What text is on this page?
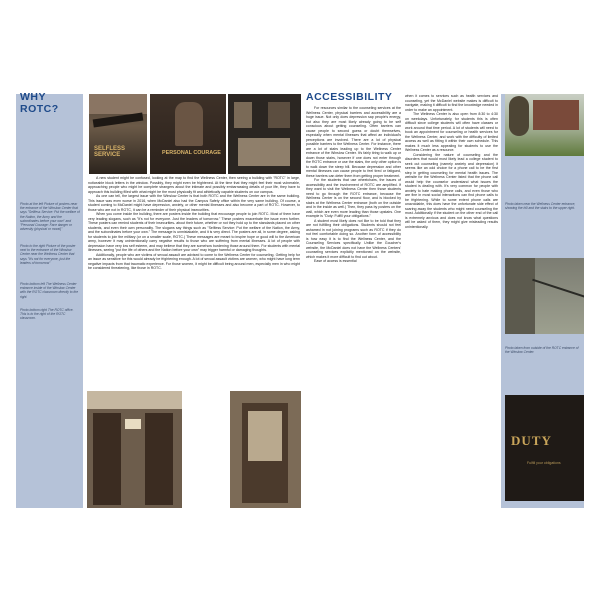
WHY ROTC?
Photo at the left Picture of posters near the entrance of the Winslow Center that says "Selfless Service: Put the welfare of the Nation, the Army and the subordinates before your own" and "Personal Courage: Face danger or adversity (physical or moral)"
Photo to the right Picture of the poster next to the entrance of the Winslow Center near the Wellness Center that says "It's not for everyone, just the leaders of tomorrow"
Photo bottom left The Wellness Center entrance inside of the Winslow Center with the ROTC classroom directly to the right.
Photo bottom right The ROTC office. This is to the right of the ROTC classroom.
Photo taken near the Wellness Center entrance, showing the hill and the stairs to the upper right.
Photo taken from outside of the ROTC entrance of the Winslow Center.
SELFLESS SERVICE	PERSONAL COURAGE
DUTY
Fulfill your obligations

A new student might be confused, looking at the map to find the Wellness Center, then seeing a building with "ROTC" in large, noticeable block letters in the window. Possibly, they might even be frightened. At the time that they might feel their most vulnerable, approaching people who might be complete strangers about the intimate and possibly embarrassing details of your life, they have to approach this building filled with what might be the most physically fit and athletically capable students on our campus.

As one can tell, the largest issue with the Winslow Center is that both ROTC and the Wellness Center are in the same building. This issue was even worse in 2016, when McDaniel also had the Campus Safety office within the very same building. Of course, a student coming to McDaniel might have depression, anxiety, or other mental illnesses and also become a part of ROTC. However, to those who are not in ROTC, it can be a reminder of their physical insecurities.

When you come inside the building, there are posters inside the building that encourage people to join ROTC. Most of them have very leading slogans, such as "It's not for everyone. Just the leaders of tomorrow." These posters exacerbate the issue even further. These posters can remind students of their insecurities- about their future, whether or not they hold up to the standards placed on other students, and even their own personality. The slogans say things such as "Selfless Service: Put the welfare of the Nation, the Army, and the subordinates before your own." The message is unmistakable, and it is very direct. The posters are all, in some degree, asking for students to join the military (or on a smaller scale, ROTC.) These messages are meant to inspire hope or good will to the American army, however it may unintentionally carry negative results to those who are suffering from mental illnesses. A lot of people with depression have very low self esteem, and may believe that they are somehow burdening those around them. For students with mental illnesses, seeing "put the life of others and the Nation before your own" may trigger harmful or damaging thoughts.

Additionally, people who are victims of sexual assault are advised to come to the Wellness Center for counseling. Getting help for an issue as sensitive for this would already be frightening enough. A lot of sexual assault victims are women, who might have long term negative impacts from that traumatic experience. For those women, it might be difficult being around men, especially men in who might be considered threatening, like those in ROTC.

ACCESSIBILITY

For resources similar to the counseling services at the Wellness Center, physical barriers and accessibility are a huge issue. Not only does depression sap people's energy, but also they are most likely already going to be self conscious about getting counseling. Often barriers can cause people to second guess or doubt themselves, especially when mental illnesses that affect an individual's perceptions are involved. There are a lot of physical possible barriers to the Wellness Center. For instance, there are a lot of stairs leading up to the Wellness Center entrance of the Winslow Center. It's fairly tiring to walk up or down those stairs, however if one does not enter through the ROTC entrance or use the stairs, the only other option is to walk down the steep hill. Because depression and other mental illnesses can cause people to feel tired or fatigued, these barriers can deter them from getting proper treatment.

For the students that use wheelchairs, the issues of accessibility and the involvement of ROTC are amplified. If they want to visit the Wellness Center then those students need to go through the ROTC entrance, because the Wellness Center is on the second floor, and is blocked by stairs at the Wellness Center entrance (both on the outside and in the inside as well.) Then, they pass by posters on the wall, which are even more leading than those upstairs. One example is "Duty: Fulfill your obligations."

A student most likely does not like to be told that they are not fulfilling their obligations. Students should not feel ashamed in not joining programs such as ROTC if they do not feel comfortable doing so. Another form of accessibility is how easy it is to find the Wellness Center, and the Counseling Services specifically. Unlike the Goucher's website, the McDaniel does not have the Wellness Centers' counseling services explicitly mentioned on the website, which makes it more difficult to find out about.

Ease of access is essential

when it comes to services such as health services and counseling, yet the McDaniel website makes is difficult to navigate, making it difficult to find the knowledge needed in order to make an appointment.

The Wellness Center is also open from 8:30 to 4:30 on weekdays. Unfortunately, for students this is often difficult since college students will often have classes or work around that time period. A lot of students will need to book an appointment for counseling or health services for the Wellness Center, and work with the difficulty of limited access as well as fitting it within their own schedule. This makes it much less appealing for students to use the Wellness Center as a resource.

Considering the nature of counseling and the disorders that would most likely lead a college student to seek out counseling (namely anxiety and depression) it seems like an odd choice for a phone call to be the first step in getting counseling for mental health issues. The website for the Wellness Center listed that the phone call would help the counselor understand what issues the student is dealing with. It's very common for people with anxiety to hate making phone calls, and even those who are fine in most social interactions can find phone calls to be frightening. While to some extent phone calls are unavoidable, this does have the unfortunate side effect of scaring away the students who might need counseling the most. Additionally if the student on the other end of the call is extremely anxious and does not know what questions will be asked of them, they might give misleading results unintentionally.
